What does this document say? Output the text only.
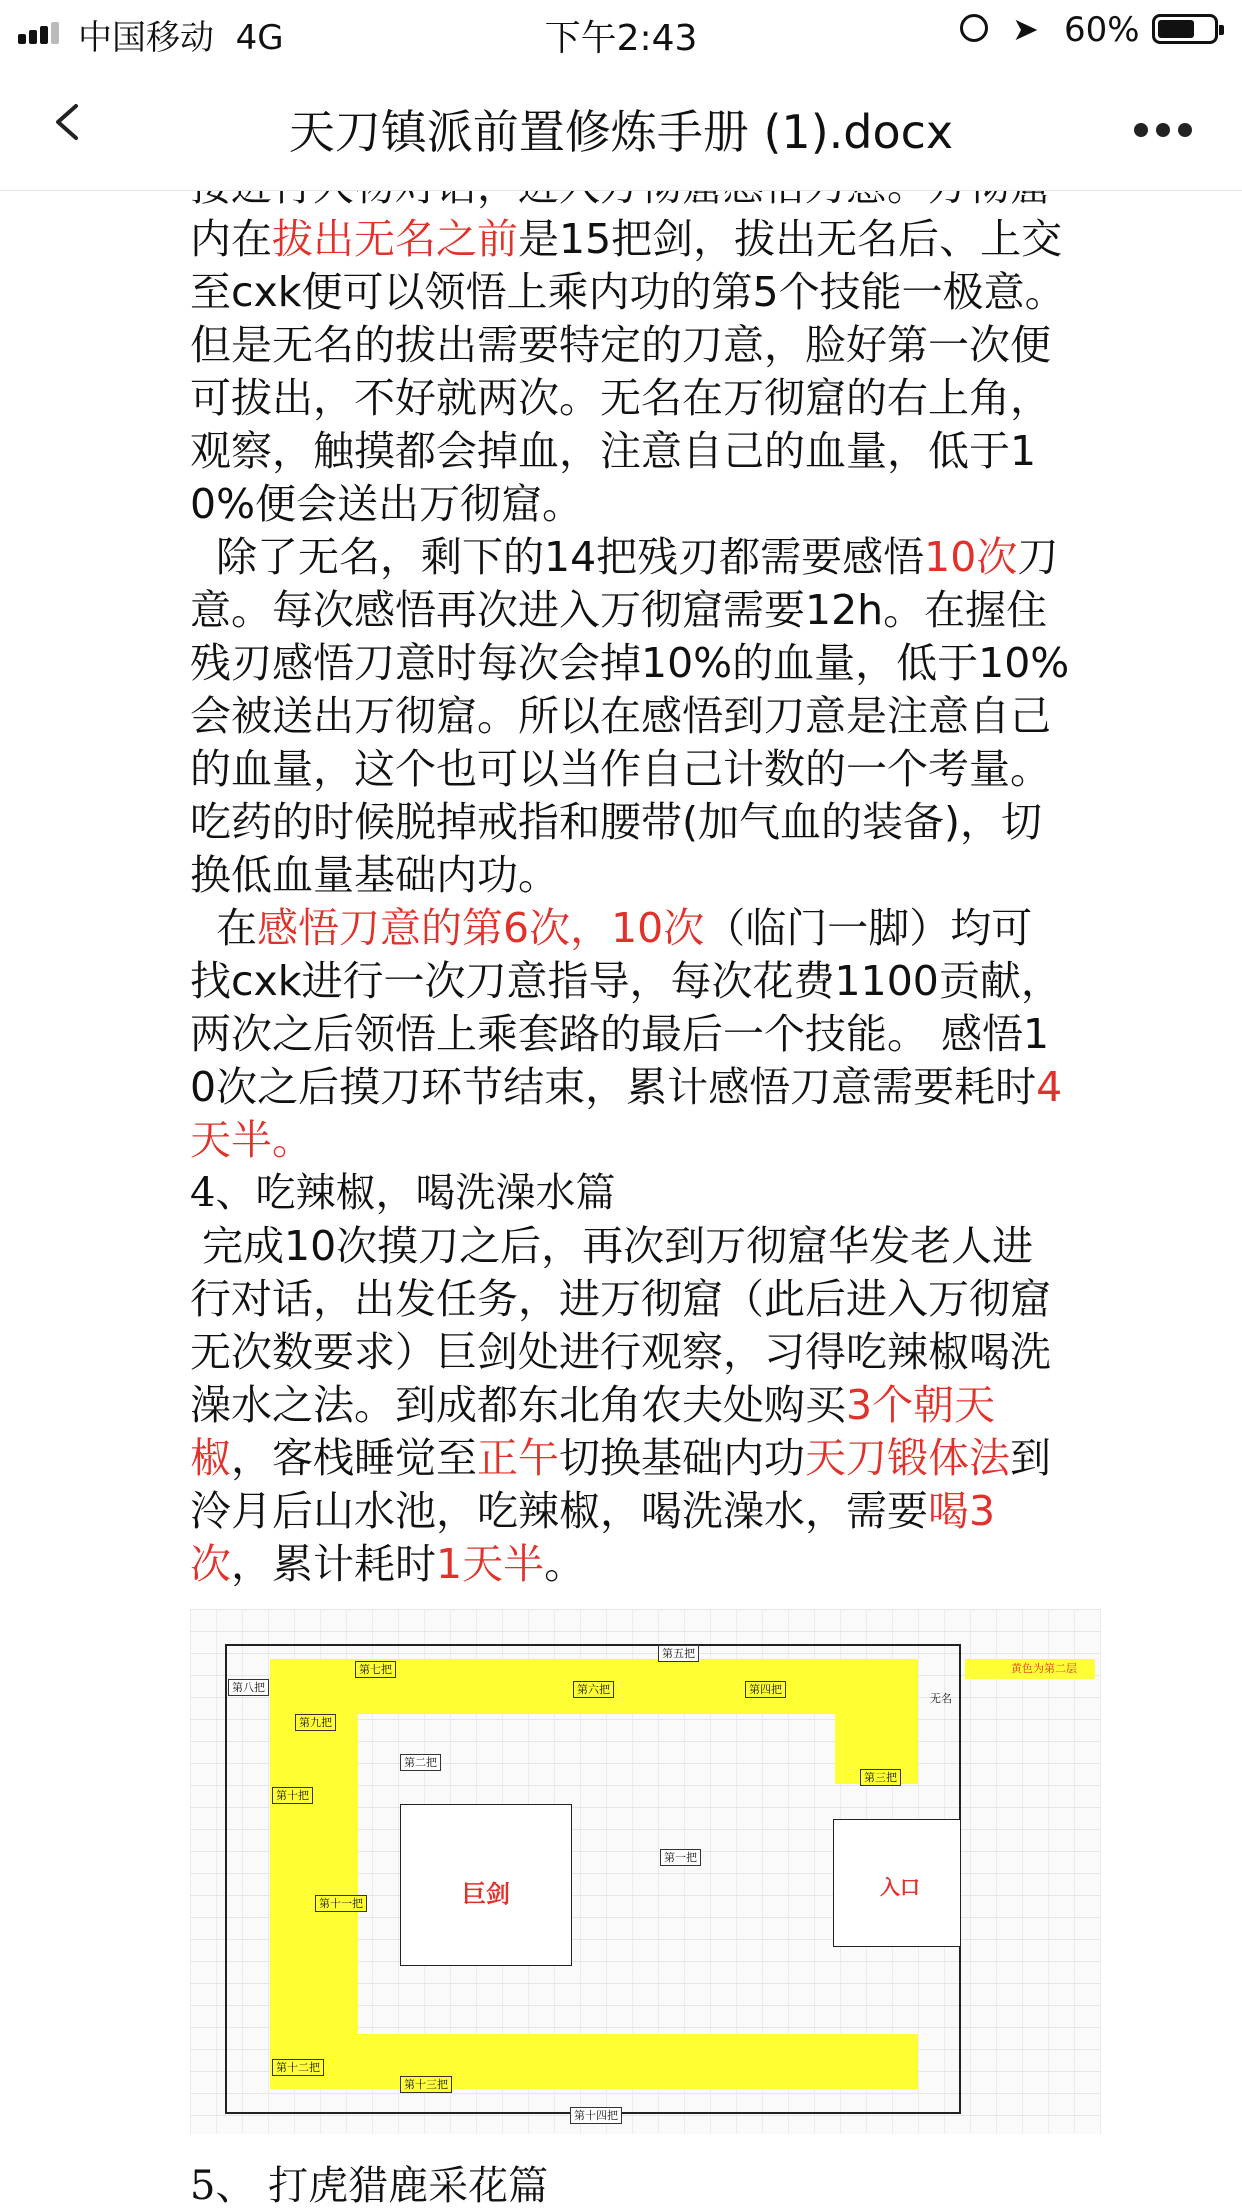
中国移动 4G	下午2:43	➤ 60%
天刀镇派前置修炼手册 (1).docx

内在拔出无名之前是15把剑，拔出无名后、上交至cxk便可以领悟上乘内功的第5个技能一极意。但是无名的拔出需要特定的刀意，脸好第一次便可拔出，不好就两次。无名在万彻窟的右上角，观察，触摸都会掉血，注意自己的血量，低于10%便会送出万彻窟。

除了无名，剩下的14把残刃都需要感悟10次刀意。每次感悟再次进入万彻窟需要12h。在握住残刃感悟刀意时每次会掉10%的血量，低于10%会被送出万彻窟。所以在感悟到刀意是注意自己的血量，这个也可以当作自己计数的一个考量。吃药的时候脱掉戒指和腰带(加气血的装备)，切换低血量基础内功。

在感悟刀意的第6次，10次（临门一脚）均可找cxk进行一次刀意指导，每次花费1100贡献，两次之后领悟上乘套路的最后一个技能。 感悟10次之后摸刀环节结束，累计感悟刀意需要耗时4天半。

4、吃辣椒，喝洗澡水篇

完成10次摸刀之后，再次到万彻窟华发老人进行对话，出发任务，进万彻窟（此后进入万彻窟无次数要求）巨剑处进行观察，习得吃辣椒喝洗澡水之法。到成都东北角农夫处购买3个朝天椒，客栈睡觉至正午切换基础内功天刀锻体法到泠月后山水池，吃辣椒，喝洗澡水，需要喝3次，累计耗时1天半。

巨剑	入口
第一把
第二把
第三把
第四把
第五把
第六把
第七把
第八把
第九把
第十把
第十一把
第十二把
第十三把
第十四把
无名
黄色为第二层

5、 打虎猎鹿采花篇
